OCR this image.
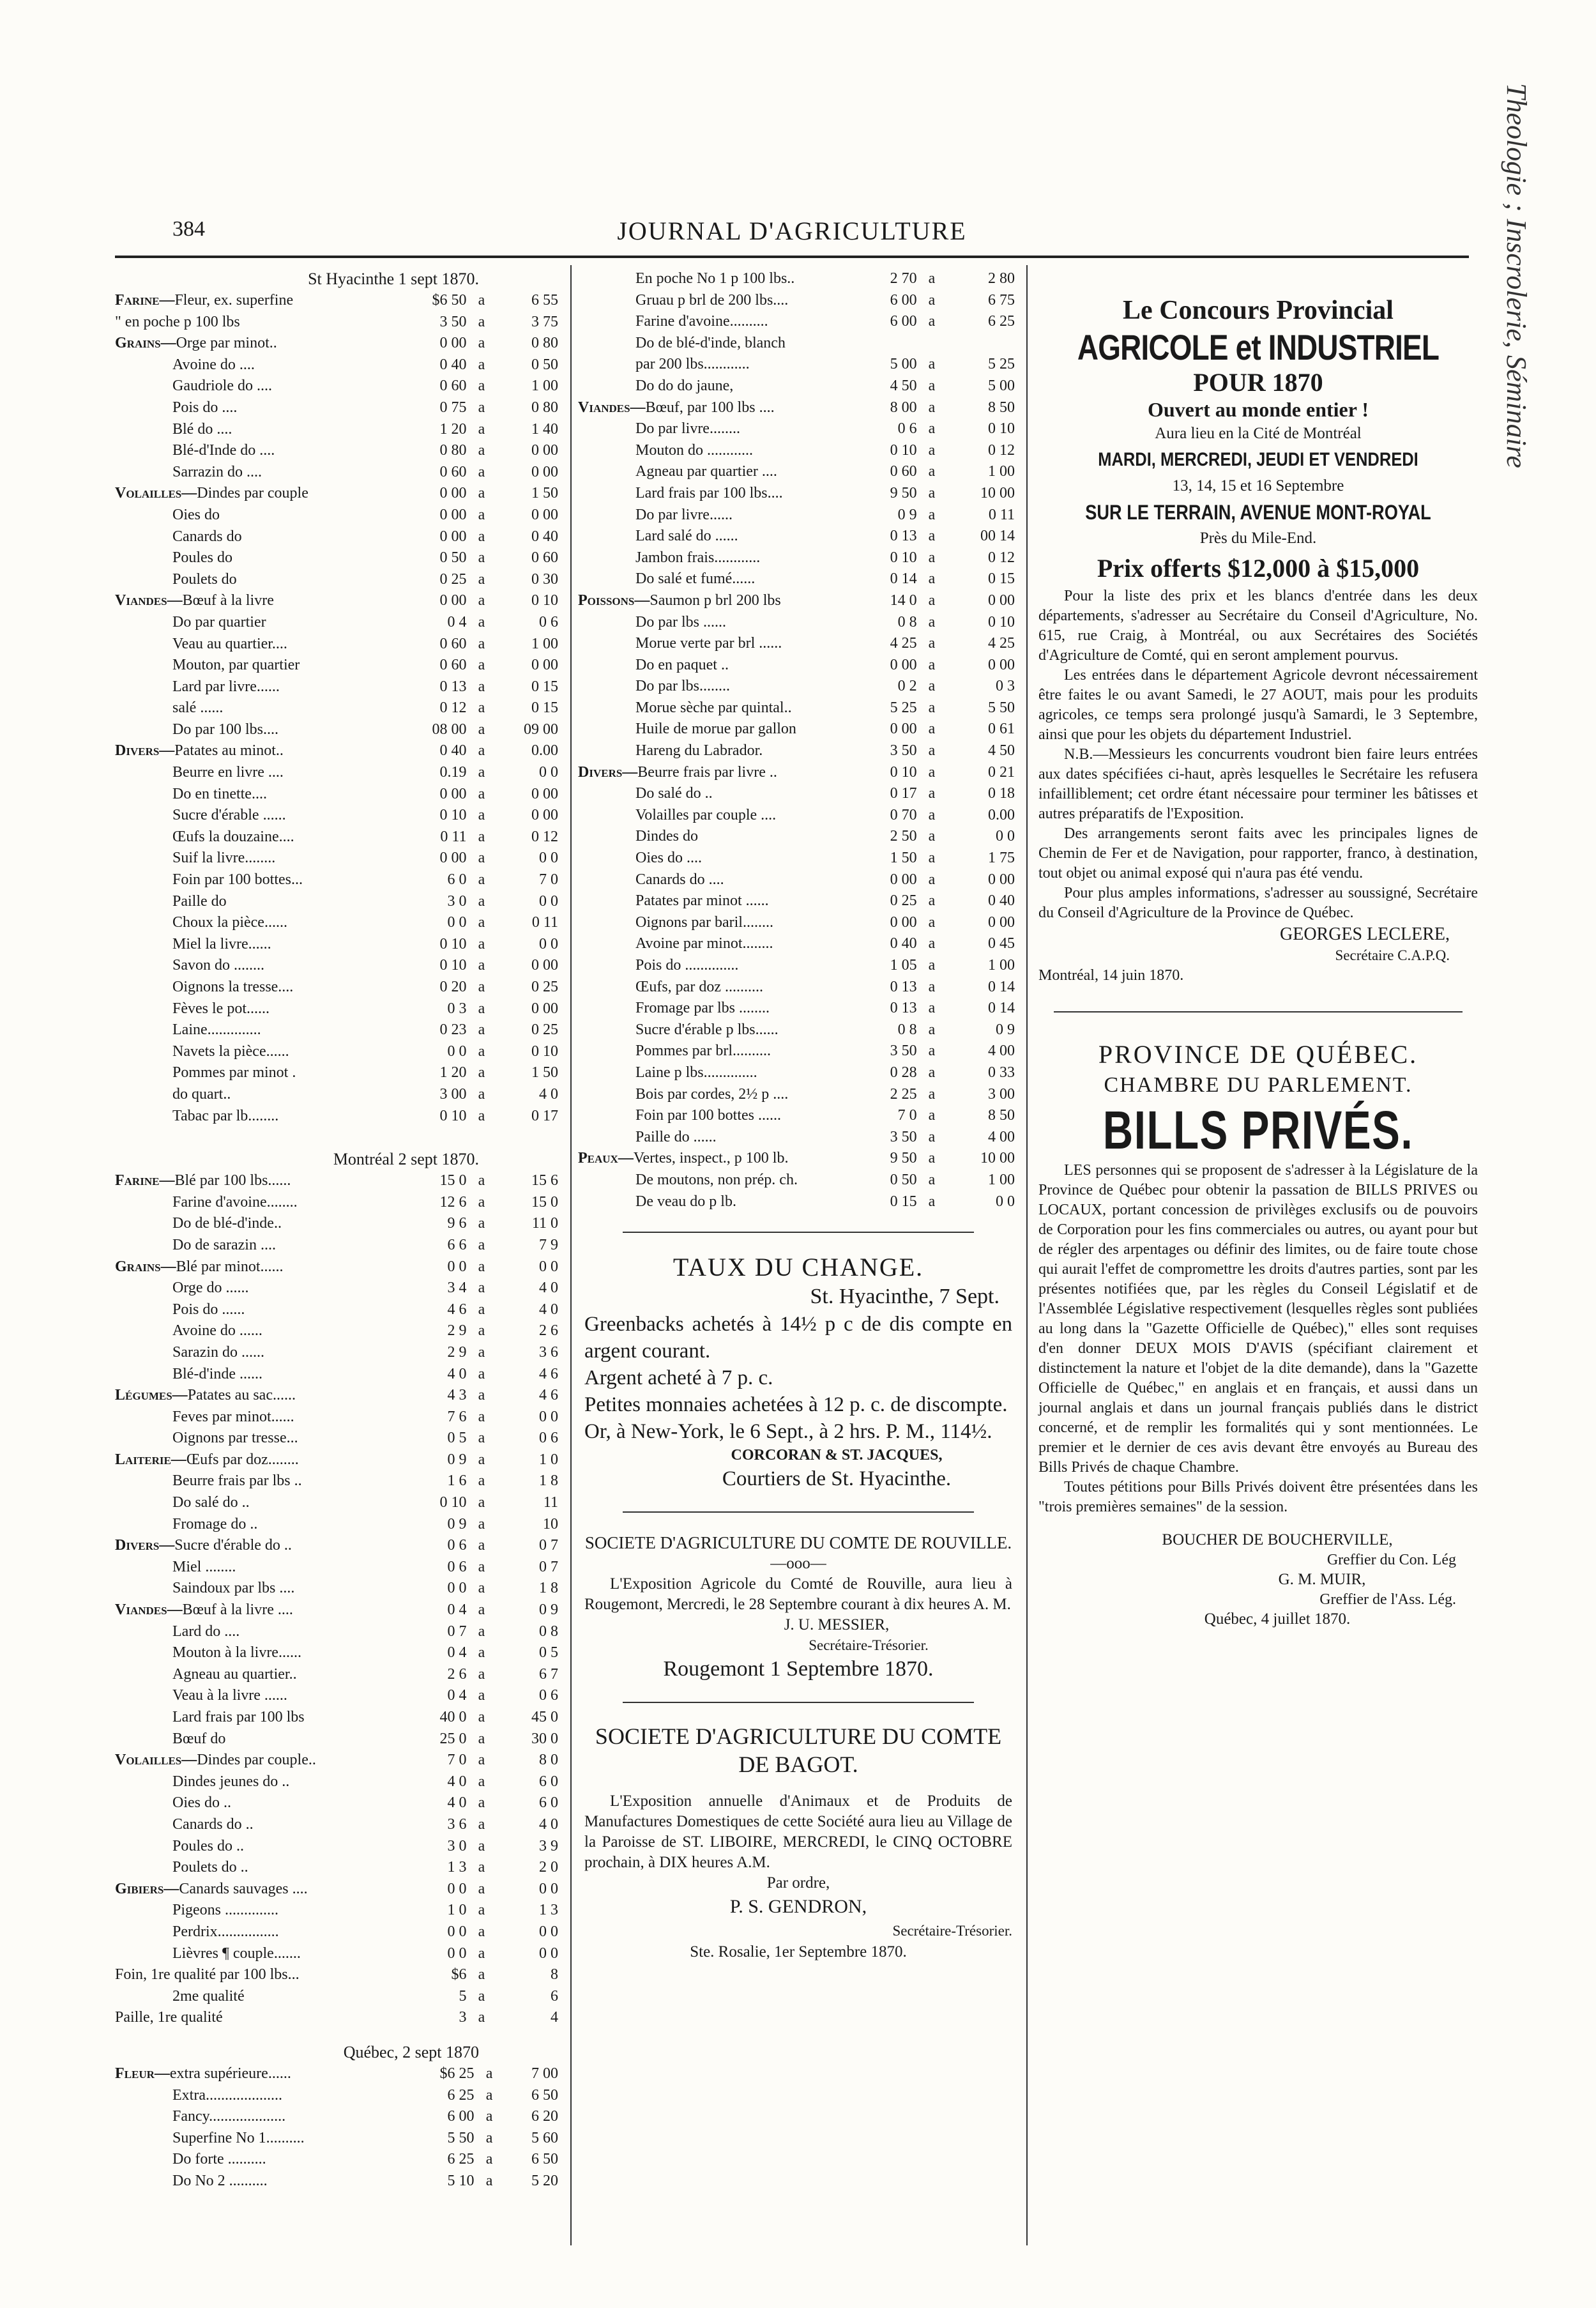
Theologie ; Inscrolerie, Séminaire
384	JOURNAL D'AGRICULTURE
St Hyacinthe 1 sept 1870.
Farine—Fleur, ex. superfine	$6 50	a	6 55
" en poche p 100 lbs	3 50	a	3 75
Grains—Orge par minot..	0 00	a	0 80
Avoine do ....	0 40	a	0 50
Gaudriole do ....	0 60	a	1 00
Pois do ....	0 75	a	0 80
Blé do ....	1 20	a	1 40
Blé-d'Inde do ....	0 80	a	0 00
Sarrazin do ....	0 60	a	0 00
Volailles—Dindes par couple	0 00	a	1 50
Oies do	0 00	a	0 00
Canards do	0 00	a	0 40
Poules do	0 50	a	0 60
Poulets do	0 25	a	0 30
Viandes—Bœuf à la livre	0 00	a	0 10
Do par quartier	0 4	a	0 6
Veau au quartier....	0 60	a	1 00
Mouton, par quartier	0 60	a	0 00
Lard par livre......	0 13	a	0 15
salé ......	0 12	a	0 15
Do par 100 lbs....	08 00	a	09 00
Divers—Patates au minot..	0 40	a	0.00
Beurre en livre ....	0.19	a	0 0
Do en tinette....	0 00	a	0 00
Sucre d'érable ......	0 10	a	0 00
Œufs la douzaine....	0 11	a	0 12
Suif la livre........	0 00	a	0 0
Foin par 100 bottes...	6 0	a	7 0
Paille do	3 0	a	0 0
Choux la pièce......	0 0	a	0 11
Miel la livre......	0 10	a	0 0
Savon do ........	0 10	a	0 00
Oignons la tresse....	0 20	a	0 25
Fèves le pot......	0 3	a	0 00
Laine..............	0 23	a	0 25
Navets la pièce......	0 0	a	0 10
Pommes par minot .	1 20	a	1 50
do quart..	3 00	a	4 0
Tabac par lb........	0 10	a	0 17
Montréal 2 sept 1870.
Farine—Blé par 100 lbs......	15 0	a	15 6
Farine d'avoine........	12 6	a	15 0
Do de blé-d'inde..	9 6	a	11 0
Do de sarazin ....	6 6	a	7 9
Grains—Blé par minot......	0 0	a	0 0
Orge do ......	3 4	a	4 0
Pois do ......	4 6	a	4 0
Avoine do ......	2 9	a	2 6
Sarazin do ......	2 9	a	3 6
Blé-d'inde ......	4 0	a	4 6
Légumes—Patates au sac......	4 3	a	4 6
Feves par minot......	7 6	a	0 0
Oignons par tresse...	0 5	a	0 6
Laiterie—Œufs par doz........	0 9	a	1 0
Beurre frais par lbs ..	1 6	a	1 8
Do salé do ..	0 10	a	11
Fromage do ..	0 9	a	10
Divers—Sucre d'érable do ..	0 6	a	0 7
Miel ........	0 6	a	0 7
Saindoux par lbs ....	0 0	a	1 8
Viandes—Bœuf à la livre ....	0 4	a	0 9
Lard do ....	0 7	a	0 8
Mouton à la livre......	0 4	a	0 5
Agneau au quartier..	2 6	a	6 7
Veau à la livre ......	0 4	a	0 6
Lard frais par 100 lbs	40 0	a	45 0
Bœuf do	25 0	a	30 0
Volailles—Dindes par couple..	7 0	a	8 0
Dindes jeunes do ..	4 0	a	6 0
Oies do ..	4 0	a	6 0
Canards do ..	3 6	a	4 0
Poules do ..	3 0	a	3 9
Poulets do ..	1 3	a	2 0
Gibiers—Canards sauvages ....	0 0	a	0 0
Pigeons ..............	1 0	a	1 3
Perdrix................	0 0	a	0 0
Lièvres ¶ couple.......	0 0	a	0 0
Foin, 1re qualité par 100 lbs...	$6	a	8
2me qualité	5	a	6
Paille, 1re qualité	3	a	4
Québec, 2 sept 1870
Fleur—extra supérieure......	$6 25	a	7 00
Extra....................	6 25	a	6 50
Fancy....................	6 00	a	6 20
Superfine No 1..........	5 50	a	5 60
Do forte ..........	6 25	a	6 50
Do No 2 ..........	5 10	a	5 20
En poche No 1 p 100 lbs..	2 70	a	2 80
Gruau p brl de 200 lbs....	6 00	a	6 75
Farine d'avoine..........	6 00	a	6 25
Do de blé-d'inde, blanch			
par 200 lbs............	5 00	a	5 25
Do do do jaune,	4 50	a	5 00
Viandes—Bœuf, par 100 lbs ....	8 00	a	8 50
Do par livre........	0 6	a	0 10
Mouton do ............	0 10	a	0 12
Agneau par quartier ....	0 60	a	1 00
Lard frais par 100 lbs....	9 50	a	10 00
Do par livre......	0 9	a	0 11
Lard salé do ......	0 13	a	00 14
Jambon frais............	0 10	a	0 12
Do salé et fumé......	0 14	a	0 15
Poissons—Saumon p brl 200 lbs	14 0	a	0 00
Do par lbs ......	0 8	a	0 10
Morue verte par brl ......	4 25	a	4 25
Do en paquet ..	0 00	a	0 00
Do par lbs........	0 2	a	0 3
Morue sèche par quintal..	5 25	a	5 50
Huile de morue par gallon	0 00	a	0 61
Hareng du Labrador.	3 50	a	4 50
Divers—Beurre frais par livre ..	0 10	a	0 21
Do salé do ..	0 17	a	0 18
Volailles par couple ....	0 70	a	0.00
Dindes do	2 50	a	0 0
Oies do ....	1 50	a	1 75
Canards do ....	0 00	a	0 00
Patates par minot ......	0 25	a	0 40
Oignons par baril........	0 00	a	0 00
Avoine par minot........	0 40	a	0 45
Pois do ..............	1 05	a	1 00
Œufs, par doz ..........	0 13	a	0 14
Fromage par lbs ........	0 13	a	0 14
Sucre d'érable p lbs......	0 8	a	0 9
Pommes par brl..........	3 50	a	4 00
Laine p lbs..............	0 28	a	0 33
Bois par cordes, 2½ p ....	2 25	a	3 00
Foin par 100 bottes ......	7 0	a	8 50
Paille do ......	3 50	a	4 00
Peaux—Vertes, inspect., p 100 lb.	9 50	a	10 00
De moutons, non prép. ch.	0 50	a	1 00
De veau do p lb.	0 15	a	0 0
TAUX DU CHANGE.
St. Hyacinthe, 7 Sept.
Greenbacks achetés à 14½ p c de dis compte en argent courant.
Argent acheté à 7 p. c.
Petites monnaies achetées à 12 p. c. de discompte.
Or, à New-York, le 6 Sept., à 2 hrs. P. M., 114½.
CORCORAN & ST. JACQUES,
Courtiers de St. Hyacinthe.
SOCIETE D'AGRICULTURE DU COMTE DE ROUVILLE.
—ooo—

L'Exposition Agricole du Comté de Rouville, aura lieu à Rougemont, Mercredi, le 28 Septembre courant à dix heures A. M.

J. U. MESSIER,
Secrétaire-Trésorier.
Rougemont 1 Septembre 1870.
SOCIETE D'AGRICULTURE DU COMTE DE BAGOT.

L'Exposition annuelle d'Animaux et de Produits de Manufactures Domestiques de cette Société aura lieu au Village de la Paroisse de ST. LIBOIRE, MERCREDI, le CINQ OCTOBRE prochain, à DIX heures A.M.

Par ordre,
P. S. GENDRON,
Secrétaire-Trésorier.
Ste. Rosalie, 1er Septembre 1870.
Le Concours Provincial
AGRICOLE et INDUSTRIEL
POUR 1870
Ouvert au monde entier !
Aura lieu en la Cité de Montréal
MARDI, MERCREDI, JEUDI ET VENDREDI
13, 14, 15 et 16 Septembre
SUR LE TERRAIN, AVENUE MONT-ROYAL
Près du Mile-End.
Prix offerts $12,000 à $15,000

Pour la liste des prix et les blancs d'entrée dans les deux départements, s'adresser au Secrétaire du Conseil d'Agriculture, No. 615, rue Craig, à Montréal, ou aux Secrétaires des Sociétés d'Agriculture de Comté, qui en seront amplement pourvus.

Les entrées dans le département Agricole devront nécessairement être faites le ou avant Samedi, le 27 AOUT, mais pour les produits agricoles, ce temps sera prolongé jusqu'à Samardi, le 3 Septembre, ainsi que pour les objets du département Industriel.

N.B.—Messieurs les concurrents voudront bien faire leurs entrées aux dates spécifiées ci-haut, après lesquelles le Secrétaire les refusera infailliblement; cet ordre étant nécessaire pour terminer les bâtisses et autres préparatifs de l'Exposition.

Des arrangements seront faits avec les principales lignes de Chemin de Fer et de Navigation, pour rapporter, franco, à destination, tout objet ou animal exposé qui n'aura pas été vendu.

Pour plus amples informations, s'adresser au soussigné, Secrétaire du Conseil d'Agriculture de la Province de Québec.

GEORGES LECLERE,
Secrétaire C.A.P.Q.
Montréal, 14 juin 1870.
PROVINCE DE QUÉBEC.
CHAMBRE DU PARLEMENT.
BILLS PRIVÉS.

LES personnes qui se proposent de s'adresser à la Législature de la Province de Québec pour obtenir la passation de BILLS PRIVES ou LOCAUX, portant concession de privilèges exclusifs ou de pouvoirs de Corporation pour les fins commerciales ou autres, ou ayant pour but de régler des arpentages ou définir des limites, ou de faire toute chose qui aurait l'effet de compromettre les droits d'autres parties, sont par les présentes notifiées que, par les règles du Conseil Législatif et de l'Assemblée Législative respectivement (lesquelles règles sont publiées au long dans la "Gazette Officielle de Québec)," elles sont requises d'en donner DEUX MOIS D'AVIS (spécifiant clairement et distinctement la nature et l'objet de la dite demande), dans la "Gazette Officielle de Québec," en anglais et en français, et aussi dans un journal anglais et dans un journal français publiés dans le district concerné, et de remplir les formalités qui y sont mentionnées. Le premier et le dernier de ces avis devant être envoyés au Bureau des Bills Privés de chaque Chambre.

Toutes pétitions pour Bills Privés doivent être présentées dans les "trois premières semaines" de la session.

BOUCHER DE BOUCHERVILLE,
Greffier du Con. Lég
G. M. MUIR,
Greffier de l'Ass. Lég.
Québec, 4 juillet 1870.
